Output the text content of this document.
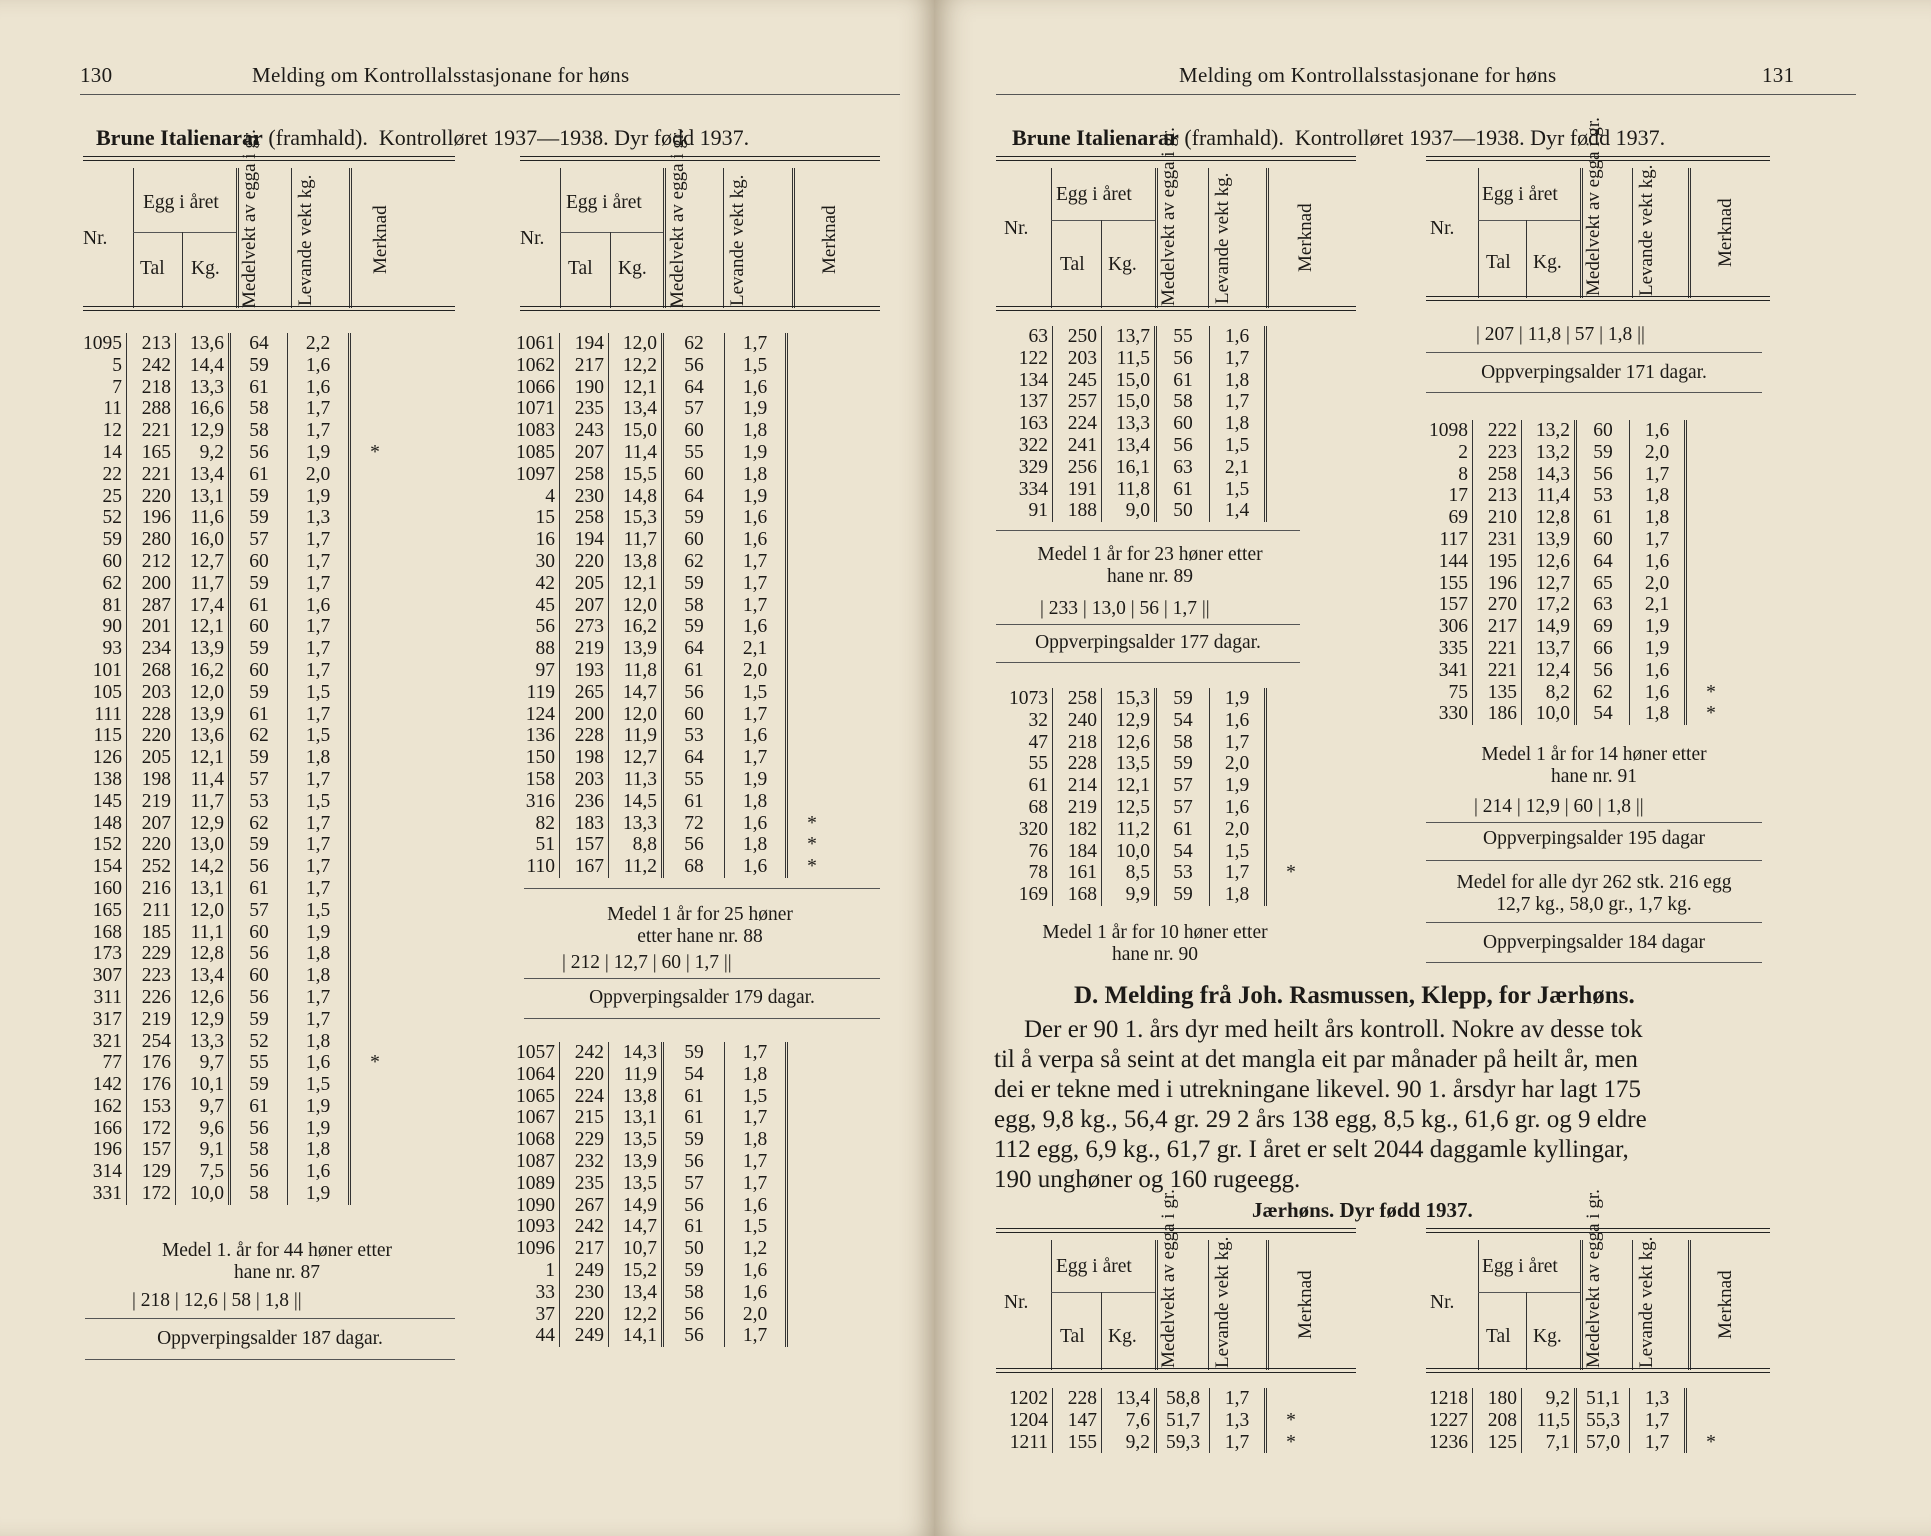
130	Melding om Kontrollalsstasjonane for høns
Brune Italienarar (framhald). Kontrolløret 1937—1938. Dyr fødd 1937.
Nr.
Egg i året
Tal Kg. Medelvekt av egga i gr.	Levande vekt kg.	Merknad
1095	213	13,6	64	2,2	
5	242	14,4	59	1,6	
7	218	13,3	61	1,6	
11	288	16,6	58	1,7	
12	221	12,9	58	1,7	
14	165	9,2	56	1,9	*
22	221	13,4	61	2,0	
25	220	13,1	59	1,9	
52	196	11,6	59	1,3	
59	280	16,0	57	1,7	
60	212	12,7	60	1,7	
62	200	11,7	59	1,7	
81	287	17,4	61	1,6	
90	201	12,1	60	1,7	
93	234	13,9	59	1,7	
101	268	16,2	60	1,7	
105	203	12,0	59	1,5	
111	228	13,9	61	1,7	
115	220	13,6	62	1,5	
126	205	12,1	59	1,8	
138	198	11,4	57	1,7	
145	219	11,7	53	1,5	
148	207	12,9	62	1,7	
152	220	13,0	59	1,7	
154	252	14,2	56	1,7	
160	216	13,1	61	1,7	
165	211	12,0	57	1,5	
168	185	11,1	60	1,9	
173	229	12,8	56	1,8	
307	223	13,4	60	1,8	
311	226	12,6	56	1,7	
317	219	12,9	59	1,7	
321	254	13,3	52	1,8	
77	176	9,7	55	1,6	*
142	176	10,1	59	1,5	
162	153	9,7	61	1,9	
166	172	9,6	56	1,9	
196	157	9,1	58	1,8	
314	129	7,5	56	1,6	
331	172	10,0	58	1,9	
Medel 1. år for 44 høner etter
hane nr. 87
| 218 | 12,6 | 58 | 1,8 ||
Oppverpingsalder 187 dagar.
Nr.
Egg i året
Tal Kg. Medelvekt av egga i gr.	Levande vekt kg.	Merknad
1061	194	12,0	62	1,7	
1062	217	12,2	56	1,5	
1066	190	12,1	64	1,6	
1071	235	13,4	57	1,9	
1083	243	15,0	60	1,8	
1085	207	11,4	55	1,9	
1097	258	15,5	60	1,8	
4	230	14,8	64	1,9	
15	258	15,3	59	1,6	
16	194	11,7	60	1,6	
30	220	13,8	62	1,7	
42	205	12,1	59	1,7	
45	207	12,0	58	1,7	
56	273	16,2	59	1,6	
88	219	13,9	64	2,1	
97	193	11,8	61	2,0	
119	265	14,7	56	1,5	
124	200	12,0	60	1,7	
136	228	11,9	53	1,6	
150	198	12,7	64	1,7	
158	203	11,3	55	1,9	
316	236	14,5	61	1,8	
82	183	13,3	72	1,6	*
51	157	8,8	56	1,8	*
110	167	11,2	68	1,6	*
Medel 1 år for 25 høner
etter hane nr. 88
| 212 | 12,7 | 60 | 1,7 ||
Oppverpingsalder 179 dagar.
1057	242	14,3	59	1,7	
1064	220	11,9	54	1,8	
1065	224	13,8	61	1,5	
1067	215	13,1	61	1,7	
1068	229	13,5	59	1,8	
1087	232	13,9	56	1,7	
1089	235	13,5	57	1,7	
1090	267	14,9	56	1,6	
1093	242	14,7	61	1,5	
1096	217	10,7	50	1,2	
1	249	15,2	59	1,6	
33	230	13,4	58	1,6	
37	220	12,2	56	2,0	
44	249	14,1	56	1,7	
Melding om Kontrollalsstasjonane for høns	131
Brune Italienarar (framhald). Kontrolløret 1937—1938. Dyr fødd 1937.
Nr.
Egg i året
Tal Kg. Medelvekt av egga i gr.	Levande vekt kg.	Merknad
63	250	13,7	55	1,6	
122	203	11,5	56	1,7	
134	245	15,0	61	1,8	
137	257	15,0	58	1,7	
163	224	13,3	60	1,8	
322	241	13,4	56	1,5	
329	256	16,1	63	2,1	
334	191	11,8	61	1,5	
91	188	9,0	50	1,4	
Medel 1 år for 23 høner etter
hane nr. 89
| 233 | 13,0 | 56 | 1,7 ||
Oppverpingsalder 177 dagar.
1073	258	15,3	59	1,9	
32	240	12,9	54	1,6	
47	218	12,6	58	1,7	
55	228	13,5	59	2,0	
61	214	12,1	57	1,9	
68	219	12,5	57	1,6	
320	182	11,2	61	2,0	
76	184	10,0	54	1,5	
78	161	8,5	53	1,7	*
169	168	9,9	59	1,8	
Medel 1 år for 10 høner etter
hane nr. 90
Nr.
Egg i året
Tal Kg. Medelvekt av egga i gr.	Levande vekt kg.	Merknad
| 207 | 11,8 | 57 | 1,8 ||
Oppverpingsalder 171 dagar.
1098	222	13,2	60	1,6	
2	223	13,2	59	2,0	
8	258	14,3	56	1,7	
17	213	11,4	53	1,8	
69	210	12,8	61	1,8	
117	231	13,9	60	1,7	
144	195	12,6	64	1,6	
155	196	12,7	65	2,0	
157	270	17,2	63	2,1	
306	217	14,9	69	1,9	
335	221	13,7	66	1,9	
341	221	12,4	56	1,6	
75	135	8,2	62	1,6	*
330	186	10,0	54	1,8	*
Medel 1 år for 14 høner etter
hane nr. 91
| 214 | 12,9 | 60 | 1,8 ||
Oppverpingsalder 195 dagar
Medel for alle dyr 262 stk. 216 egg
12,7 kg., 58,0 gr., 1,7 kg.
Oppverpingsalder 184 dagar
D. Melding frå Joh. Rasmussen, Klepp, for Jærhøns.
Der er 90 1. års dyr med heilt års kontroll. Nokre av desse tok
til å verpa så seint at det mangla eit par månader på heilt år, men
dei er tekne med i utrekningane likevel. 90 1. årsdyr har lagt 175
egg, 9,8 kg., 56,4 gr. 29 2 års 138 egg, 8,5 kg., 61,6 gr. og 9 eldre
112 egg, 6,9 kg., 61,7 gr. I året er selt 2044 daggamle kyllingar,
190 unghøner og 160 rugeegg.
Jærhøns. Dyr fødd 1937.
Nr.
Egg i året
Tal Kg. Medelvekt av egga i gr.	Levande vekt kg.	Merknad
1202	228	13,4	58,8	1,7	
1204	147	7,6	51,7	1,3	*
1211	155	9,2	59,3	1,7	*
Nr.
Egg i året
Tal Kg. Medelvekt av egga i gr.	Levande vekt kg.	Merknad
1218	180	9,2	51,1	1,3	
1227	208	11,5	55,3	1,7	
1236	125	7,1	57,0	1,7	*
